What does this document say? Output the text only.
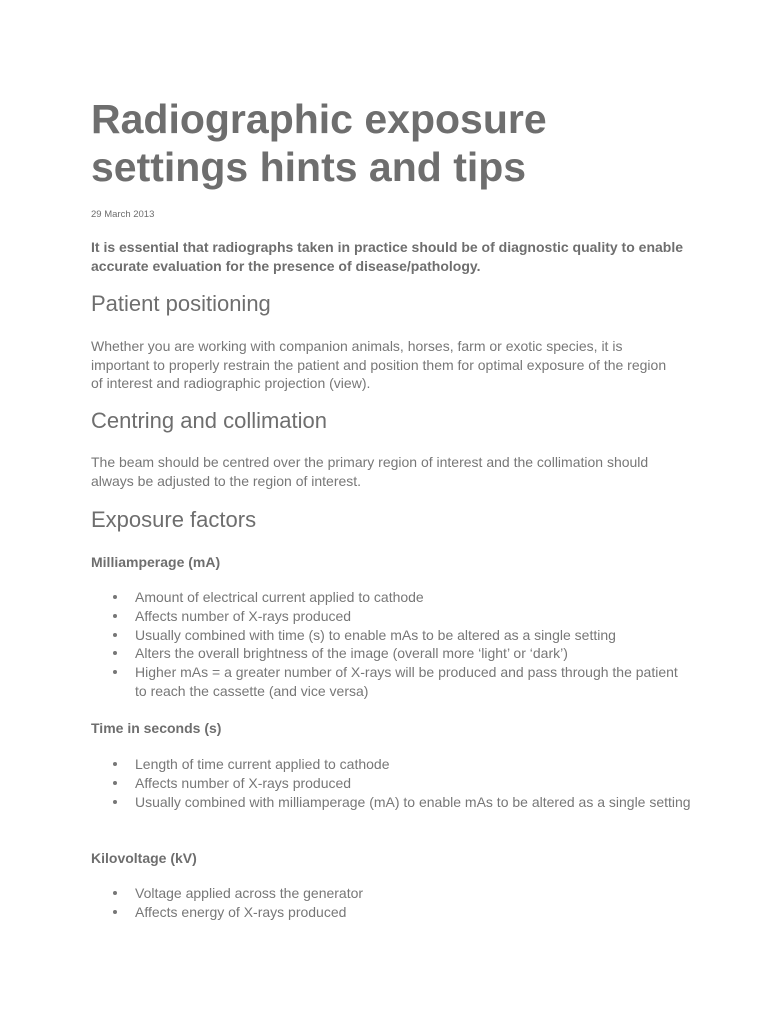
Radiographic exposure settings hints and tips
29 March 2013

It is essential that radiographs taken in practice should be of diagnostic quality to enable accurate evaluation for the presence of disease/pathology.

Patient positioning

Whether you are working with companion animals, horses, farm or exotic species, it is important to properly restrain the patient and position them for optimal exposure of the region of interest and radiographic projection (view).

Centring and collimation

The beam should be centred over the primary region of interest and the collimation should always be adjusted to the region of interest.

Exposure factors
Milliamperage (mA)
Amount of electrical current applied to cathode
Affects number of X-rays produced
Usually combined with time (s) to enable mAs to be altered as a single setting
Alters the overall brightness of the image (overall more ‘light’ or ‘dark’)
Higher mAs = a greater number of X-rays will be produced and pass through the patient to reach the cassette (and vice versa)
Time in seconds (s)
Length of time current applied to cathode
Affects number of X-rays produced
Usually combined with milliamperage (mA) to enable mAs to be altered as a single setting
Kilovoltage (kV)
Voltage applied across the generator
Affects energy of X-rays produced
